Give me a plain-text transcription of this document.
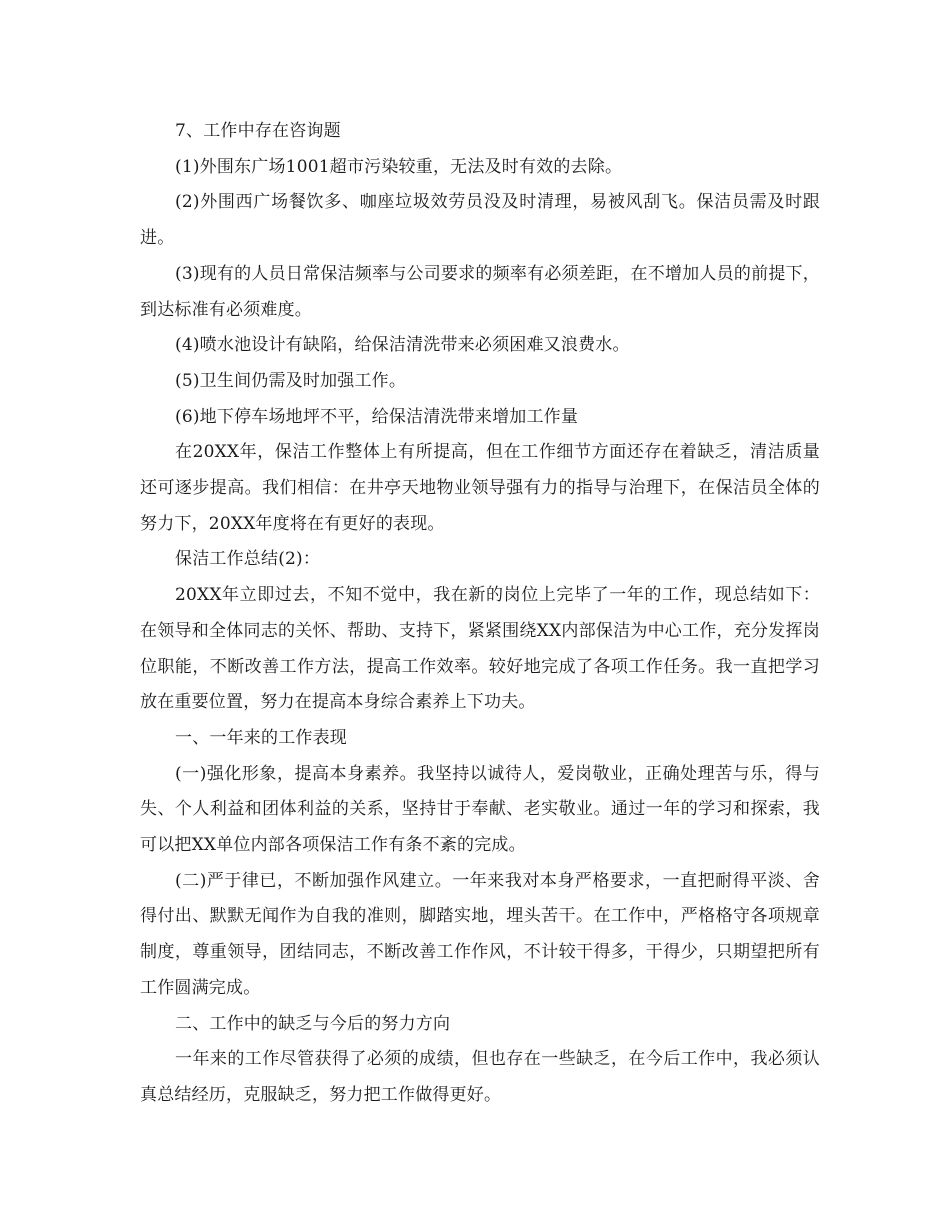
7、工作中存在咨询题

(1)外围东广场1001超市污染较重，无法及时有效的去除。

(2)外围西广场餐饮多、咖座垃圾效劳员没及时清理，易被风刮飞。保洁员需及时跟进。

(3)现有的人员日常保洁频率与公司要求的频率有必须差距，在不增加人员的前提下，到达标准有必须难度。

(4)喷水池设计有缺陷，给保洁清洗带来必须困难又浪费水。

(5)卫生间仍需及时加强工作。

(6)地下停车场地坪不平，给保洁清洗带来增加工作量

在20XX年，保洁工作整体上有所提高，但在工作细节方面还存在着缺乏，清洁质量还可逐步提高。我们相信：在井亭天地物业领导强有力的指导与治理下，在保洁员全体的努力下，20XX年度将在有更好的表现。

保洁工作总结(2)：

20XX年立即过去，不知不觉中，我在新的岗位上完毕了一年的工作，现总结如下：在领导和全体同志的关怀、帮助、支持下，紧紧围绕XX内部保洁为中心工作，充分发挥岗位职能，不断改善工作方法，提高工作效率。较好地完成了各项工作任务。我一直把学习放在重要位置，努力在提高本身综合素养上下功夫。

一、一年来的工作表现

(一)强化形象，提高本身素养。我坚持以诚待人，爱岗敬业，正确处理苦与乐，得与失、个人利益和团体利益的关系，坚持甘于奉献、老实敬业。通过一年的学习和探索，我可以把XX单位内部各项保洁工作有条不紊的完成。

(二)严于律已，不断加强作风建立。一年来我对本身严格要求，一直把耐得平淡、舍得付出、默默无闻作为自我的准则，脚踏实地，埋头苦干。在工作中，严格格守各项规章制度，尊重领导，团结同志，不断改善工作作风，不计较干得多，干得少，只期望把所有工作圆满完成。

二、工作中的缺乏与今后的努力方向

一年来的工作尽管获得了必须的成绩，但也存在一些缺乏，在今后工作中，我必须认真总结经历，克服缺乏，努力把工作做得更好。
